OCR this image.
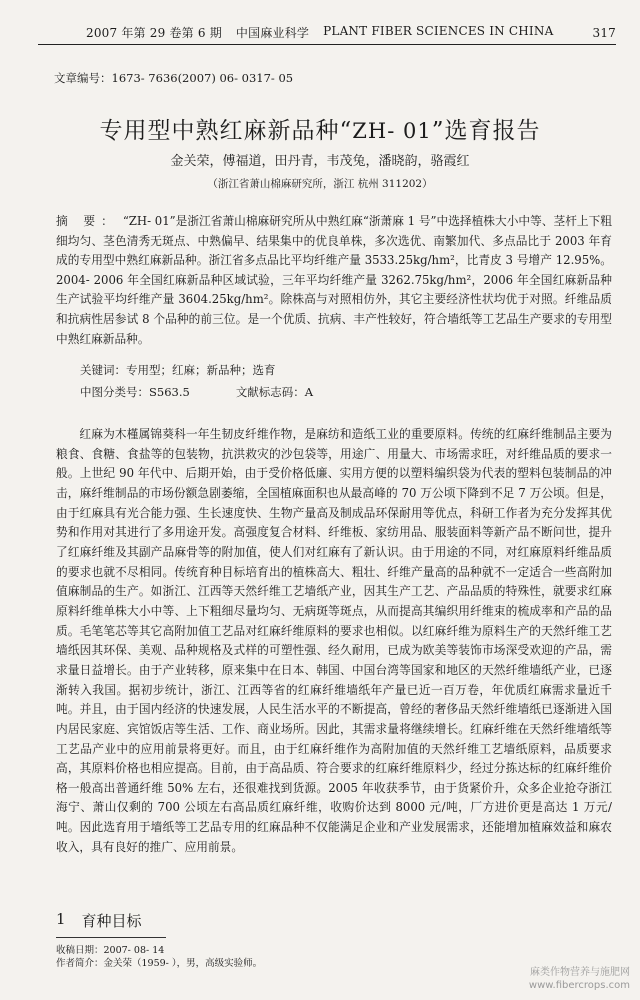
2007 年第 29 卷第 6 期 中国麻业科学 PLANT FIBER SCIENCES IN CHINA	317
文章编号：1673- 7636(2007) 06- 0317- 05
专用型中熟红麻新品种“ZH- 01”选育报告
金关荣，傅福道，田丹青，韦茂兔，潘晓韵，骆霞红
（浙江省萧山棉麻研究所，浙江 杭州 311202）

摘 要： “ZH- 01”是浙江省萧山棉麻研究所从中熟红麻“浙萧麻 1 号”中选择植株大小中等、茎杆上下粗细均匀、茎色清秀无斑点、中熟偏早、结果集中的优良单株，多次选优、南繁加代、多点品比于 2003 年育成的专用型中熟红麻新品种。浙江省多点品比平均纤维产量 3533.25kg/hm²，比青皮 3 号增产 12.95%。2004- 2006 年全国红麻新品种区域试验，三年平均纤维产量 3262.75kg/hm²，2006 年全国红麻新品种生产试验平均纤维产量 3604.25kg/hm²。除株高与对照相仿外，其它主要经济性状均优于对照。纤维品质和抗病性居参试 8 个品种的前三位。是一个优质、抗病、丰产性较好，符合墙纸等工艺品生产要求的专用型中熟红麻新品种。

关键词：专用型；红麻；新品种；选育
中图分类号：S563.5	文献标志码：A

红麻为木槿属锦葵科一年生韧皮纤维作物，是麻纺和造纸工业的重要原料。传统的红麻纤维制品主要为粮食、食糖、食盐等的包装物，抗洪救灾的沙包袋等，用途广、用量大、市场需求旺，对纤维品质的要求一般。上世纪 90 年代中、后期开始，由于受价格低廉、实用方便的以塑料编织袋为代表的塑料包装制品的冲击，麻纤维制品的市场份额急剧萎缩，全国植麻面积也从最高峰的 70 万公顷下降到不足 7 万公顷。但是，由于红麻具有光合能力强、生长速度快、生物产量高及制成品环保耐用等优点，科研工作者为充分发挥其优势和作用对其进行了多用途开发。高强度复合材料、纤维板、家纺用品、服装面料等新产品不断问世，提升了红麻纤维及其副产品麻骨等的附加值，使人们对红麻有了新认识。由于用途的不同，对红麻原料纤维品质的要求也就不尽相同。传统育种目标培育出的植株高大、粗壮、纤维产量高的品种就不一定适合一些高附加值麻制品的生产。如浙江、江西等天然纤维工艺墙纸产业，因其生产工艺、产品品质的特殊性，就要求红麻原料纤维单株大小中等、上下粗细尽量均匀、无病斑等斑点，从而提高其编织用纤维束的梳成率和产品的品质。毛笔笔芯等其它高附加值工艺品对红麻纤维原料的要求也相似。以红麻纤维为原料生产的天然纤维工艺墙纸因其环保、美观、品种规格及式样的可塑性强、经久耐用，已成为欧美等装饰市场深受欢迎的产品，需求量日益增长。由于产业转移，原来集中在日本、韩国、中国台湾等国家和地区的天然纤维墙纸产业，已逐渐转入我国。据初步统计，浙江、江西等省的红麻纤维墙纸年产量已近一百万卷，年优质红麻需求量近千吨。并且，由于国内经济的快速发展，人民生活水平的不断提高，曾经的奢侈品天然纤维墙纸已逐渐进入国内居民家庭、宾馆饭店等生活、工作、商业场所。因此，其需求量将继续增长。红麻纤维在天然纤维墙纸等工艺品产业中的应用前景将更好。而且，由于红麻纤维作为高附加值的天然纤维工艺墙纸原料，品质要求高，其原料价格也相应提高。目前，由于高品质、符合要求的红麻纤维原料少，经过分拣达标的红麻纤维价格一般高出普通纤维 50% 左右，还很难找到货源。2005 年收获季节，由于货紧价升，众多企业抢夺浙江海宁、萧山仅剩的 700 公顷左右高品质红麻纤维，收购价达到 8000 元/吨，厂方进价更是高达 1 万元/吨。因此选育用于墙纸等工艺品专用的红麻品种不仅能满足企业和产业发展需求，还能增加植麻效益和麻农收入，具有良好的推广、应用前景。

1 育种目标
收稿日期：2007- 08- 14
作者简介：金关荣（1959- ），男，高级实验师。
麻类作物营养与施肥网
www.fibercrops.com
